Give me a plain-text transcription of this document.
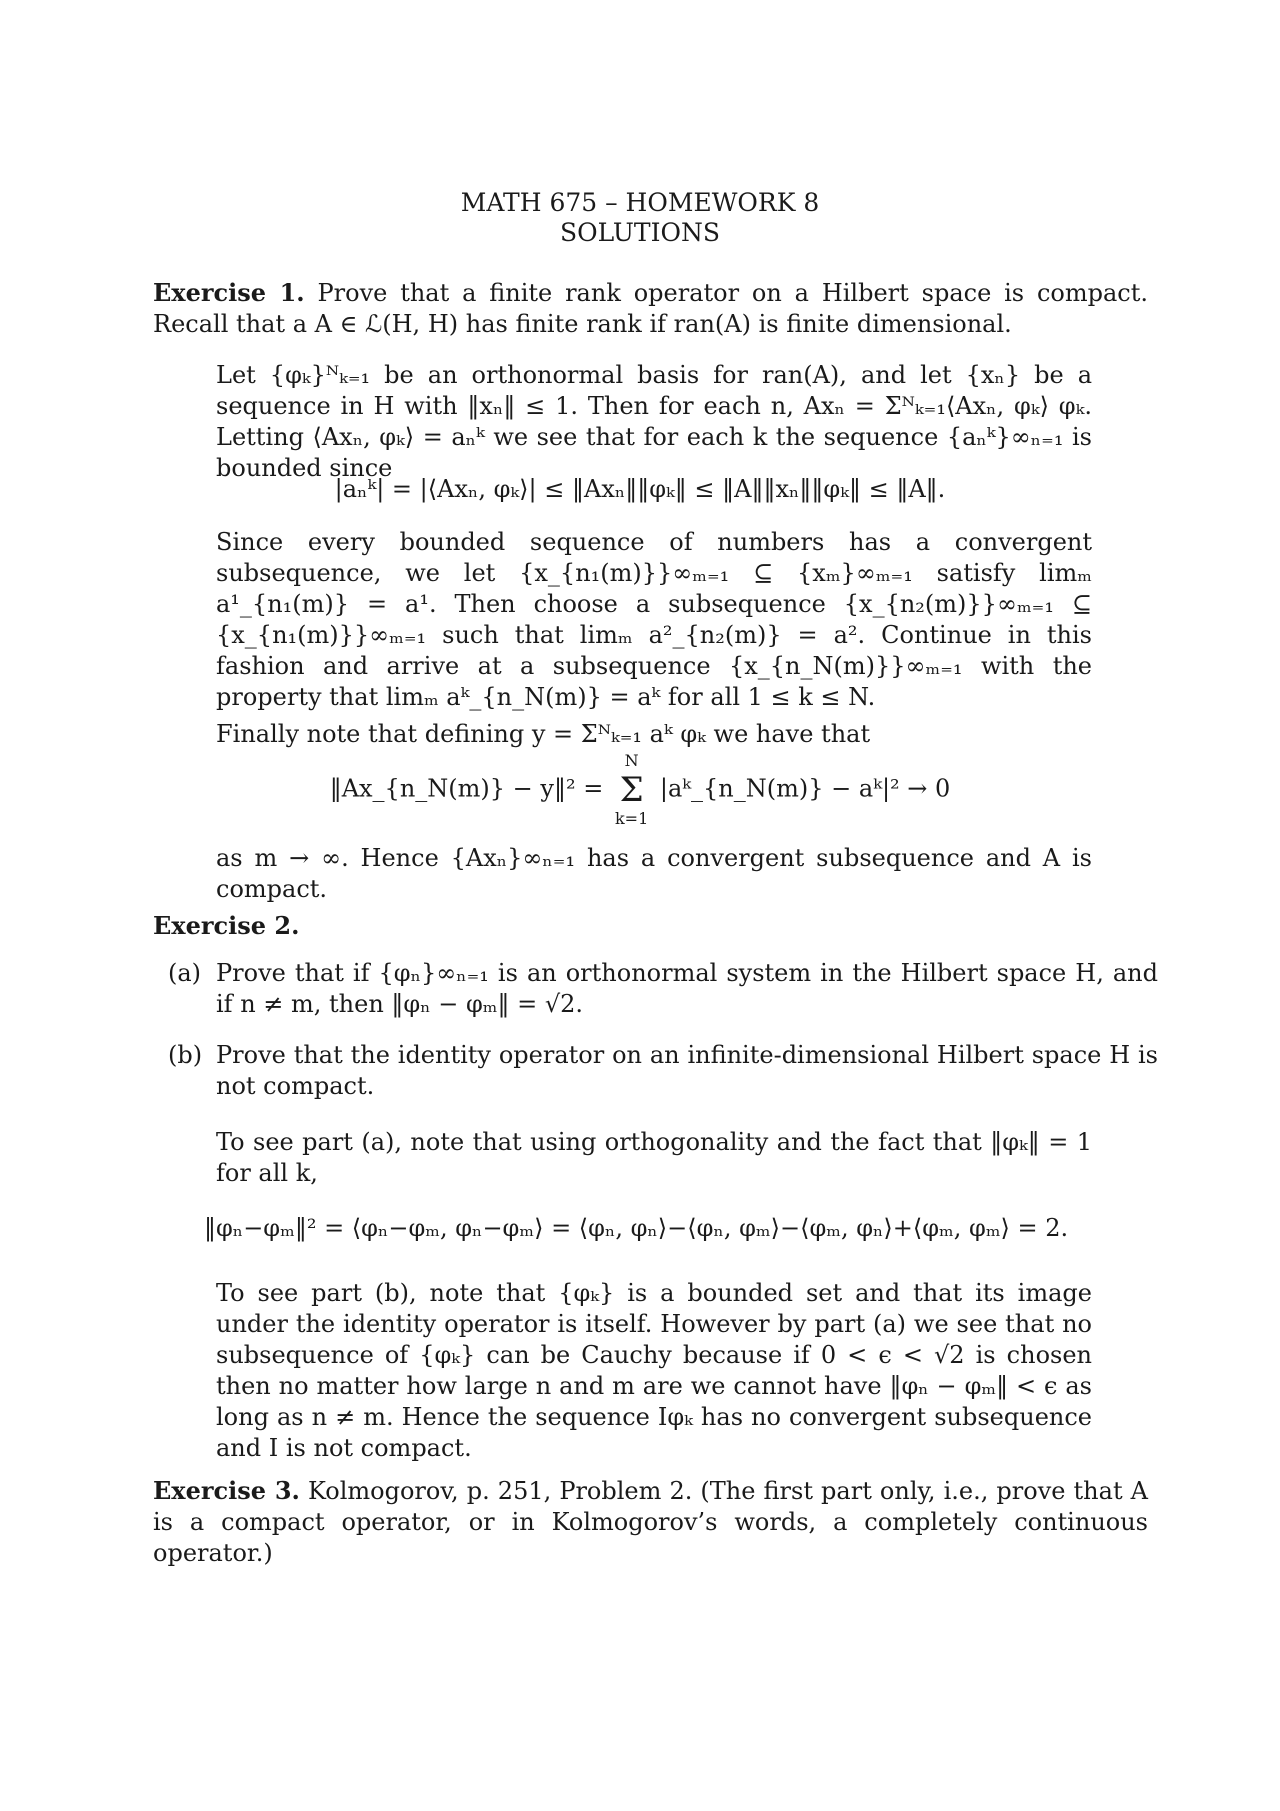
MATH 675 – HOMEWORK 8
SOLUTIONS
Exercise 1. Prove that a finite rank operator on a Hilbert space is compact. Recall that a A ∈ ℒ(H, H) has finite rank if ran(A) is finite dimensional.

Let {φₖ}ᴺₖ₌₁ be an orthonormal basis for ran(A), and let {xₙ} be a sequence in H with ‖xₙ‖ ≤ 1. Then for each n, Axₙ = Σᴺₖ₌₁⟨Axₙ, φₖ⟩ φₖ. Letting ⟨Axₙ, φₖ⟩ = aₙᵏ we see that for each k the sequence {aₙᵏ}∞ₙ₌₁ is bounded since

|aₙᵏ| = |⟨Axₙ, φₖ⟩| ≤ ‖Axₙ‖‖φₖ‖ ≤ ‖A‖‖xₙ‖‖φₖ‖ ≤ ‖A‖.

Since every bounded sequence of numbers has a convergent subsequence, we let {x_{n₁(m)}}∞ₘ₌₁ ⊆ {xₘ}∞ₘ₌₁ satisfy limₘ a¹_{n₁(m)} = a¹. Then choose a subsequence {x_{n₂(m)}}∞ₘ₌₁ ⊆ {x_{n₁(m)}}∞ₘ₌₁ such that limₘ a²_{n₂(m)} = a². Continue in this fashion and arrive at a subsequence {x_{n_N(m)}}∞ₘ₌₁ with the property that limₘ aᵏ_{n_N(m)} = aᵏ for all 1 ≤ k ≤ N.

Finally note that defining y = Σᴺₖ₌₁ aᵏ φₖ we have that

‖Ax_{n_N(m)} − y‖² =
N
Σ
k=1
|aᵏ_{n_N(m)} − aᵏ|² → 0

as m → ∞. Hence {Axₙ}∞ₙ₌₁ has a convergent subsequence and A is compact.

Exercise 2.
(a) Prove that if {φₙ}∞ₙ₌₁ is an orthonormal system in the Hilbert space H, and if n ≠ m, then ‖φₙ − φₘ‖ = √2.
(b) Prove that the identity operator on an infinite-dimensional Hilbert space H is not compact.

To see part (a), note that using orthogonality and the fact that ‖φₖ‖ = 1 for all k,

‖φₙ−φₘ‖² = ⟨φₙ−φₘ, φₙ−φₘ⟩ = ⟨φₙ, φₙ⟩−⟨φₙ, φₘ⟩−⟨φₘ, φₙ⟩+⟨φₘ, φₘ⟩ = 2.

To see part (b), note that {φₖ} is a bounded set and that its image under the identity operator is itself. However by part (a) we see that no subsequence of {φₖ} can be Cauchy because if 0 < ϵ < √2 is chosen then no matter how large n and m are we cannot have ‖φₙ − φₘ‖ < ϵ as long as n ≠ m. Hence the sequence Iφₖ has no convergent subsequence and I is not compact.

Exercise 3. Kolmogorov, p. 251, Problem 2. (The first part only, i.e., prove that A is a compact operator, or in Kolmogorov’s words, a completely continuous operator.)
